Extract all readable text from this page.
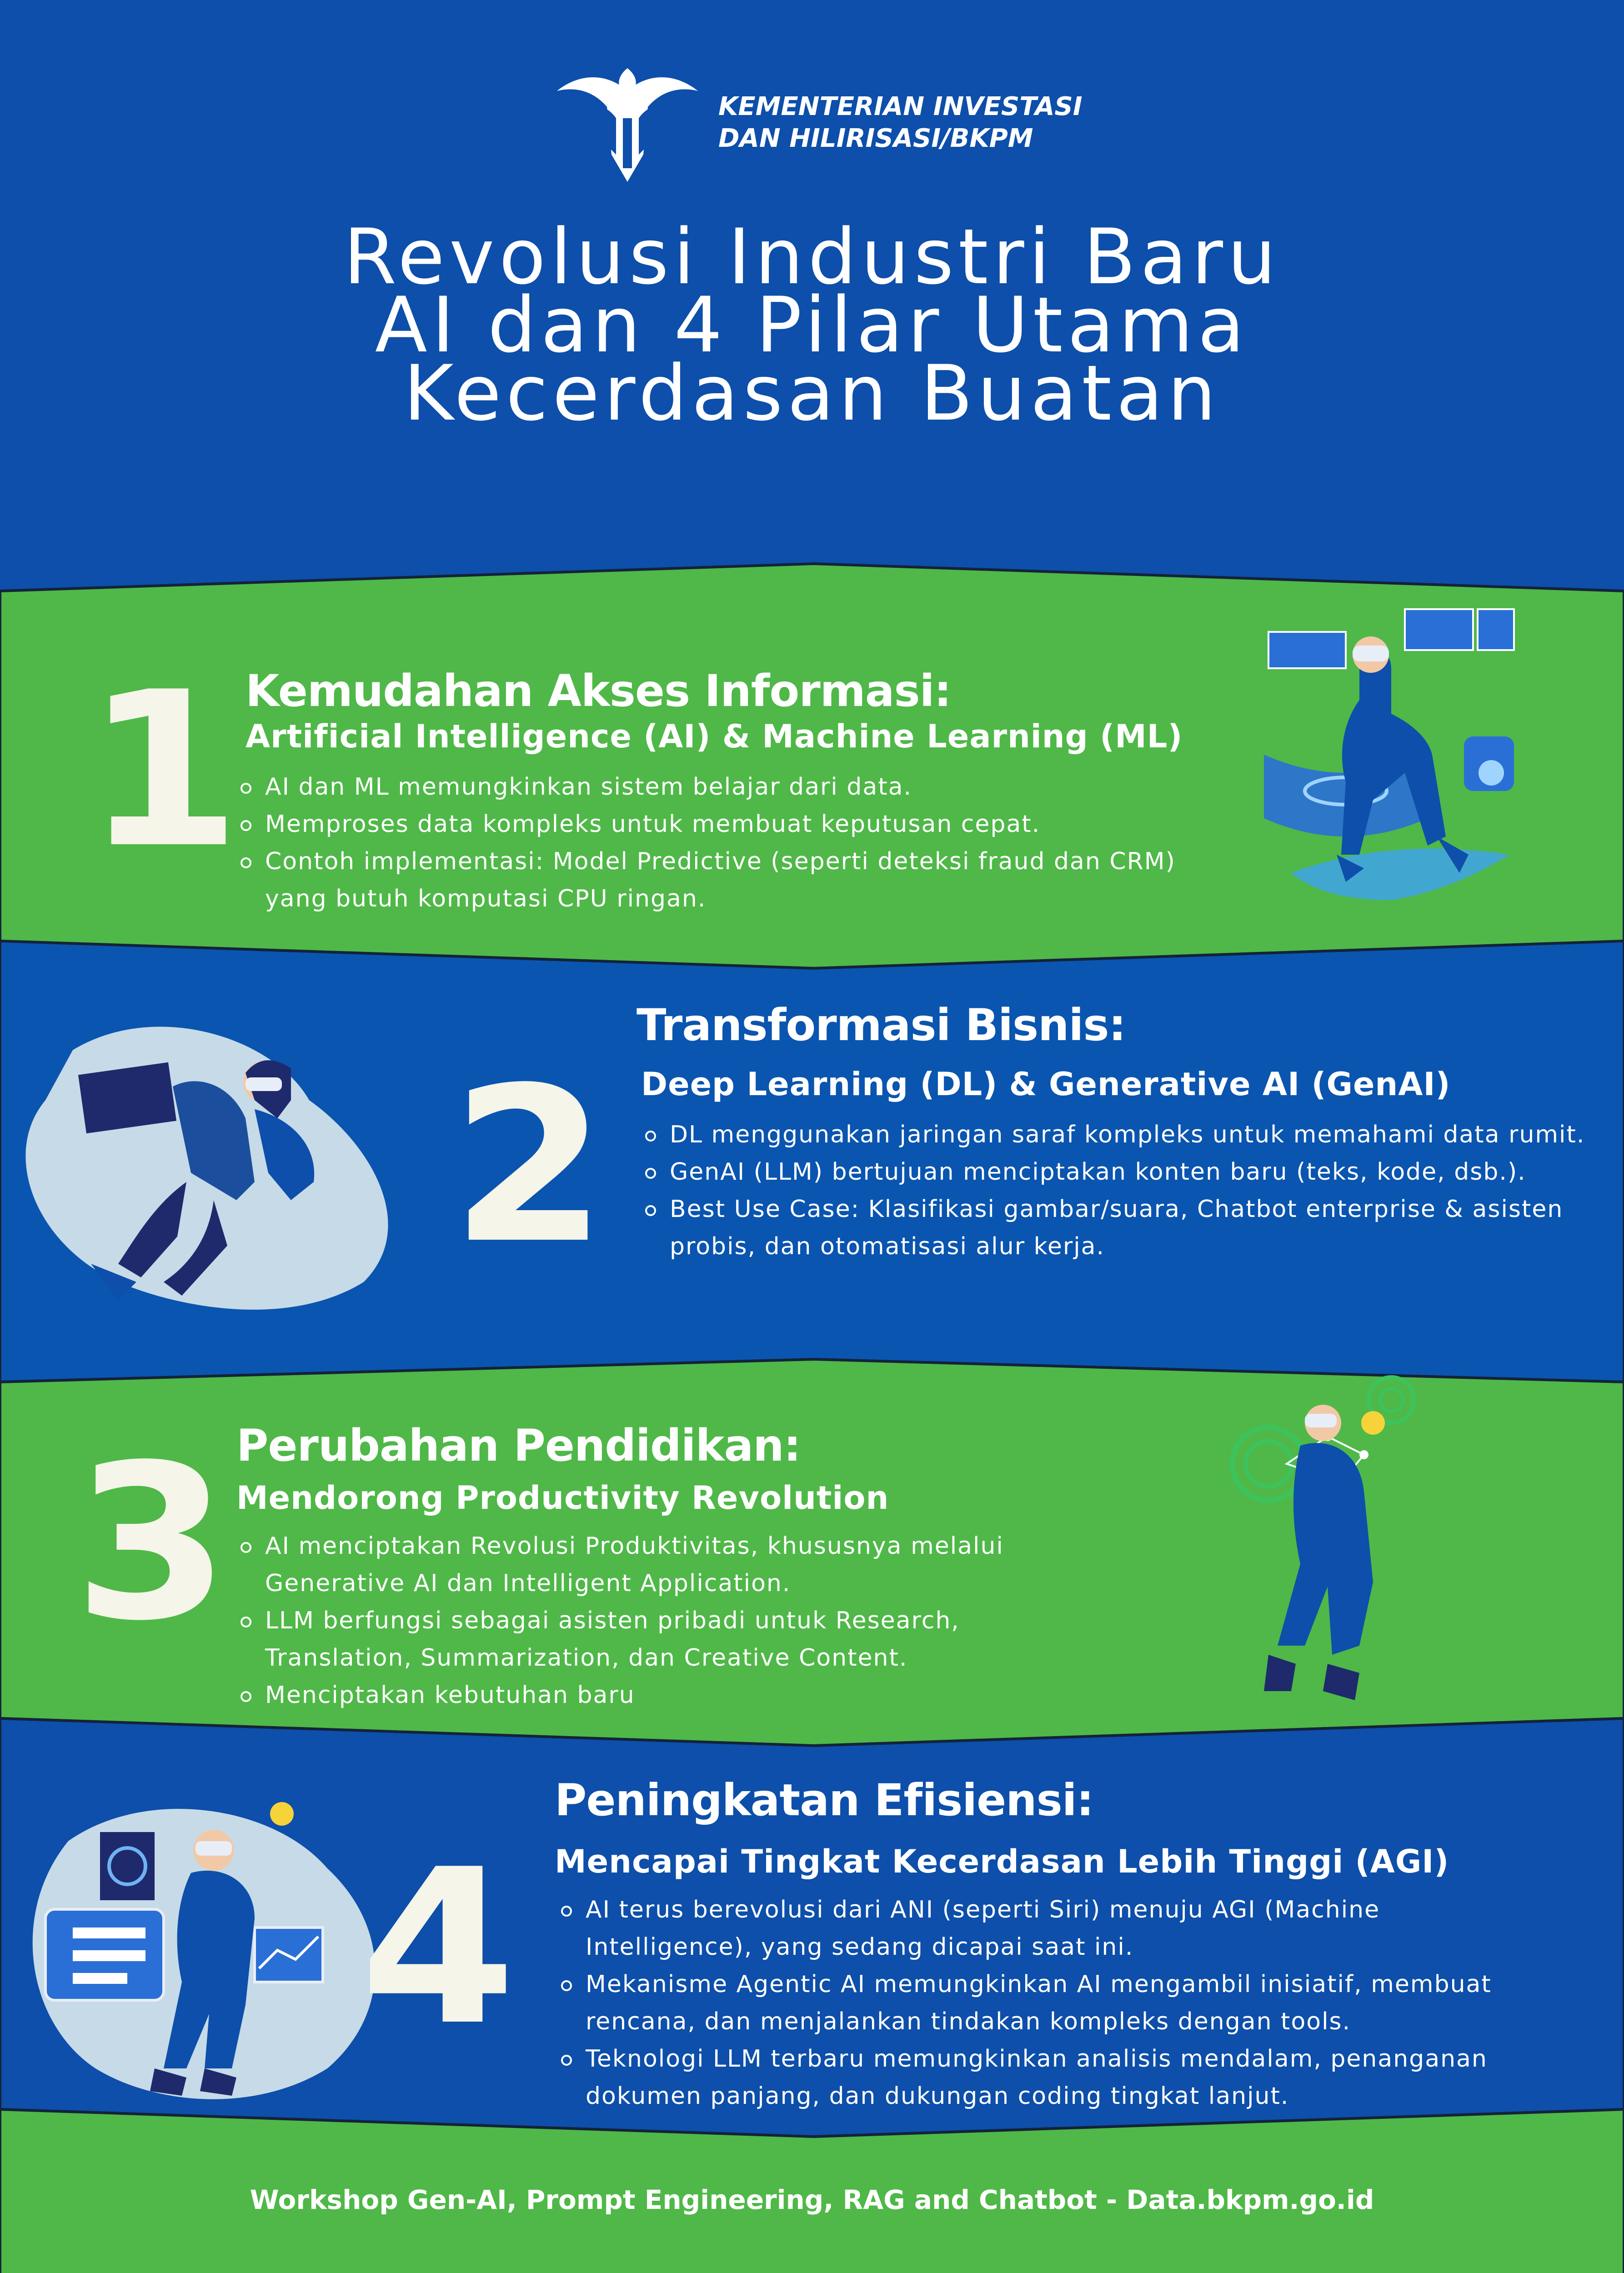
KEMENTERIAN INVESTASI
DAN HILIRISASI/BKPM
Revolusi Industri Baru
AI dan 4 Pilar Utama
Kecerdasan Buatan
1 Kemudahan Akses Informasi:
Artificial Intelligence (AI) & Machine Learning (ML)
AI dan ML memungkinkan sistem belajar dari data.
Memproses data kompleks untuk membuat keputusan cepat.
Contoh implementasi: Model Predictive (seperti deteksi fraud dan CRM) yang butuh komputasi CPU ringan.
2
Transformasi Bisnis:
Deep Learning (DL) & Generative AI (GenAI)
DL menggunakan jaringan saraf kompleks untuk memahami data rumit.
GenAI (LLM) bertujuan menciptakan konten baru (teks, kode, dsb.).
Best Use Case: Klasifikasi gambar/suara, Chatbot enterprise & asisten probis, dan otomatisasi alur kerja.
3 Perubahan Pendidikan:
Mendorong Productivity Revolution
AI menciptakan Revolusi Produktivitas, khususnya melalui Generative AI dan Intelligent Application.
LLM berfungsi sebagai asisten pribadi untuk Research, Translation, Summarization, dan Creative Content.
Menciptakan kebutuhan baru
4
Peningkatan Efisiensi:
Mencapai Tingkat Kecerdasan Lebih Tinggi (AGI)
AI terus berevolusi dari ANI (seperti Siri) menuju AGI (Machine Intelligence), yang sedang dicapai saat ini.
Mekanisme Agentic AI memungkinkan AI mengambil inisiatif, membuat rencana, dan menjalankan tindakan kompleks dengan tools.
Teknologi LLM terbaru memungkinkan analisis mendalam, penanganan dokumen panjang, dan dukungan coding tingkat lanjut.
Workshop Gen-AI, Prompt Engineering, RAG and Chatbot - Data.bkpm.go.id
